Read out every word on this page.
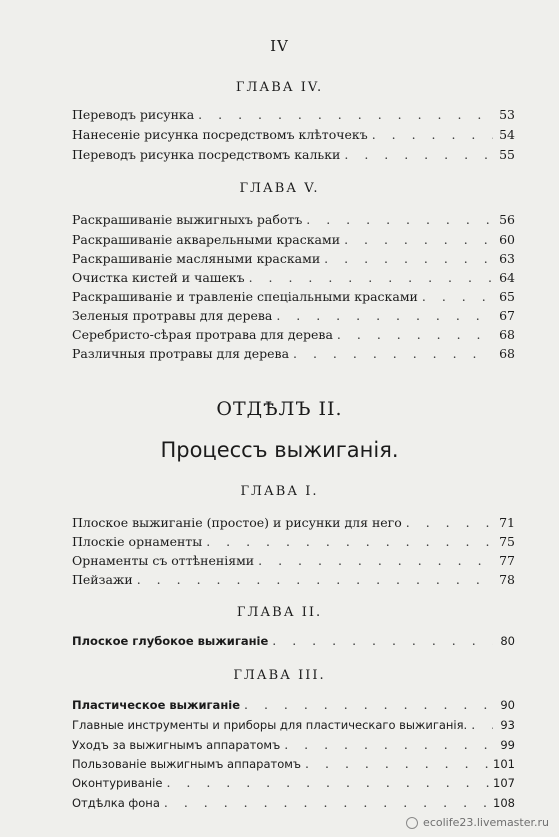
IV
ГЛАВА IV.
Переводъ рисунка . . .	53
Нанесеніе рисунка посредствомъ клѣточекъ . . .	54
Переводъ рисунка посредствомъ кальки . . .	55
ГЛАВА V.
Раскрашиваніе выжигныхъ работъ . . .	56
Раскрашиваніе акварельными красками . . .	60
Раскрашиваніе масляными красками . . .	63
Очистка кистей и чашекъ . . .	64
Раскрашиваніе и травленіе спеціальными красками . . .	65
Зеленыя протравы для дерева . . .	67
Серебристо-сѣрая протрава для дерева . . .	68
Различныя протравы для дерева . . .	68
ОТДѢЛЪ II.
Процессъ выжиганія.
ГЛАВА I.
Плоское выжиганіе (простое) и рисунки для него . . .	71
Плоскіе орнаменты . . .	75
Орнаменты съ оттѣненіями . . .	77
Пейзажи . . .	78
ГЛАВА II.
Плоское глубокое выжиганіе . . .	80
ГЛАВА III.
Пластическое выжиганіе . . .	90
Главные инструменты и приборы для пластическаго выжиганія. . . .	93
Уходъ за выжигнымъ аппаратомъ . . .	99
Пользованіе выжигнымъ аппаратомъ . . .	101
Оконтуриваніе . . .	107
Отдѣлка фона . . .	108
ecolife23.livemaster.ru
